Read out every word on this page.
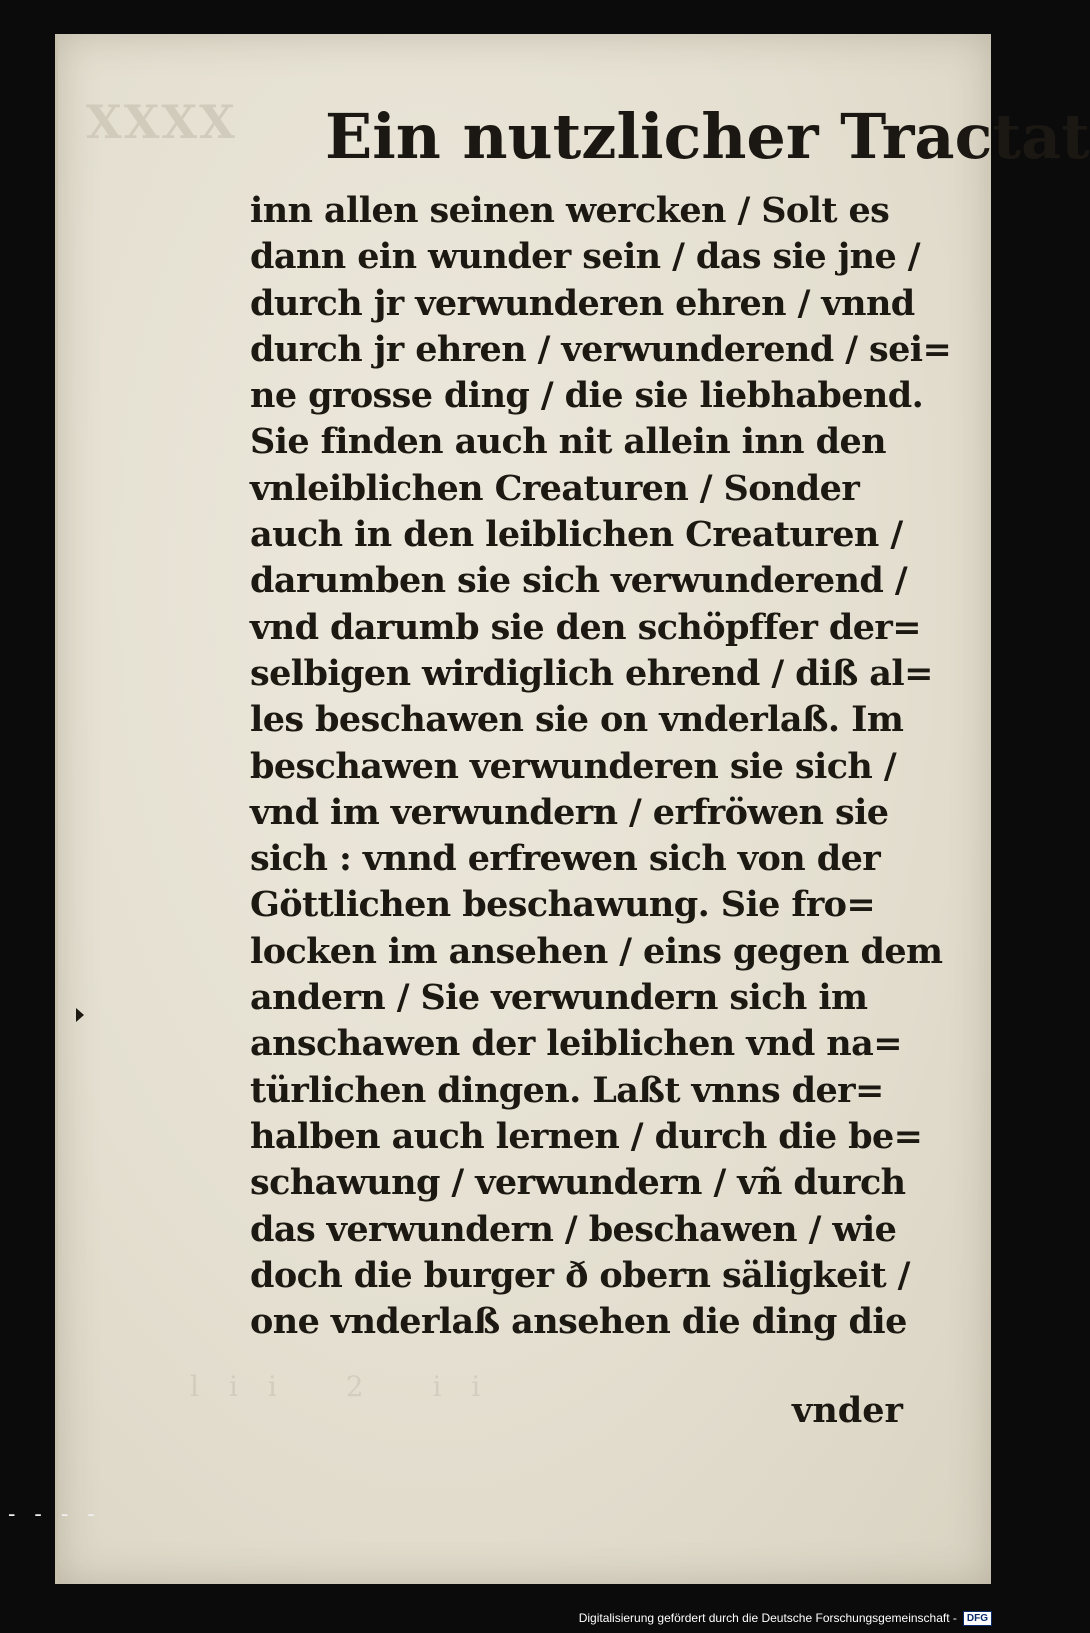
XXXX
lii 2 ii
Ein nutzlicher Tractat
inn allen seinen wercken / Solt es
dann ein wunder sein / das sie jne /
durch jr verwunderen ehren / vnnd
durch jr ehren / verwunderend / sei=
ne grosse ding / die sie liebhabend.
Sie finden auch nit allein inn den
vnleiblichen Creaturen / Sonder
auch in den leiblichen Creaturen /
darumben sie sich verwunderend /
vnd darumb sie den schöpffer der=
selbigen wirdiglich ehrend / diß al=
les beschawen sie on vnderlaß. Im
beschawen verwunderen sie sich /
vnd im verwundern / erfröwen sie
sich : vnnd erfrewen sich von der
Göttlichen beschawung. Sie fro=
locken im ansehen / eins gegen dem
andern / Sie verwundern sich im
anschawen der leiblichen vnd na=
türlichen dingen. Laßt vnns der=
halben auch lernen / durch die be=
schawung / verwundern / vñ durch
das verwundern / beschawen / wie
doch die burger ð obern säligkeit /
one vnderlaß ansehen die ding die
vnder
- - - -
Digitalisierung gefördert durch die Deutsche Forschungsgemeinschaft -	DFG
